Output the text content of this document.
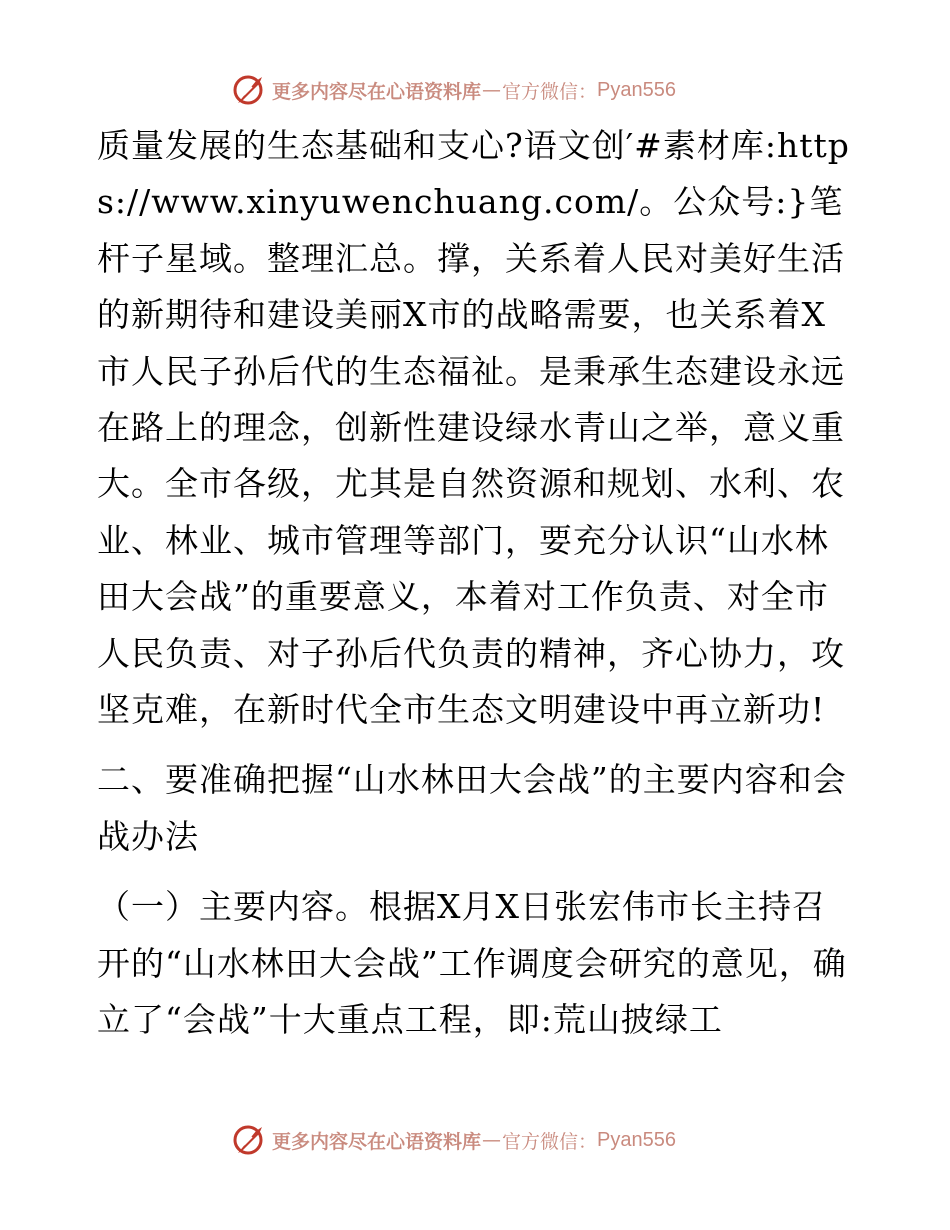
更多内容尽在心语资料库 — 官方微信： Pyan556

质量发展的生态基础和支心?语文创′#素材库:https://www.xinyuwenchuang.com/。公众号:}笔杆子星域。整理汇总。撑，关系着人民对美好生活的新期待和建设美丽X市的战略需要，也关系着X市人民子孙后代的生态福祉。是秉承生态建设永远在路上的理念，创新性建设绿水青山之举，意义重大。全市各级，尤其是自然资源和规划、水利、农业、林业、城市管理等部门，要充分认识“山水林田大会战”的重要意义，本着对工作负责、对全市人民负责、对子孙后代负责的精神，齐心协力，攻坚克难，在新时代全市生态文明建设中再立新功!

二、要准确把握“山水林田大会战”的主要内容和会战办法

（一）主要内容。根据X月X日张宏伟市长主持召开的“山水林田大会战”工作调度会研究的意见，确立了“会战”十大重点工程，即:荒山披绿工

更多内容尽在心语资料库 — 官方微信： Pyan556
